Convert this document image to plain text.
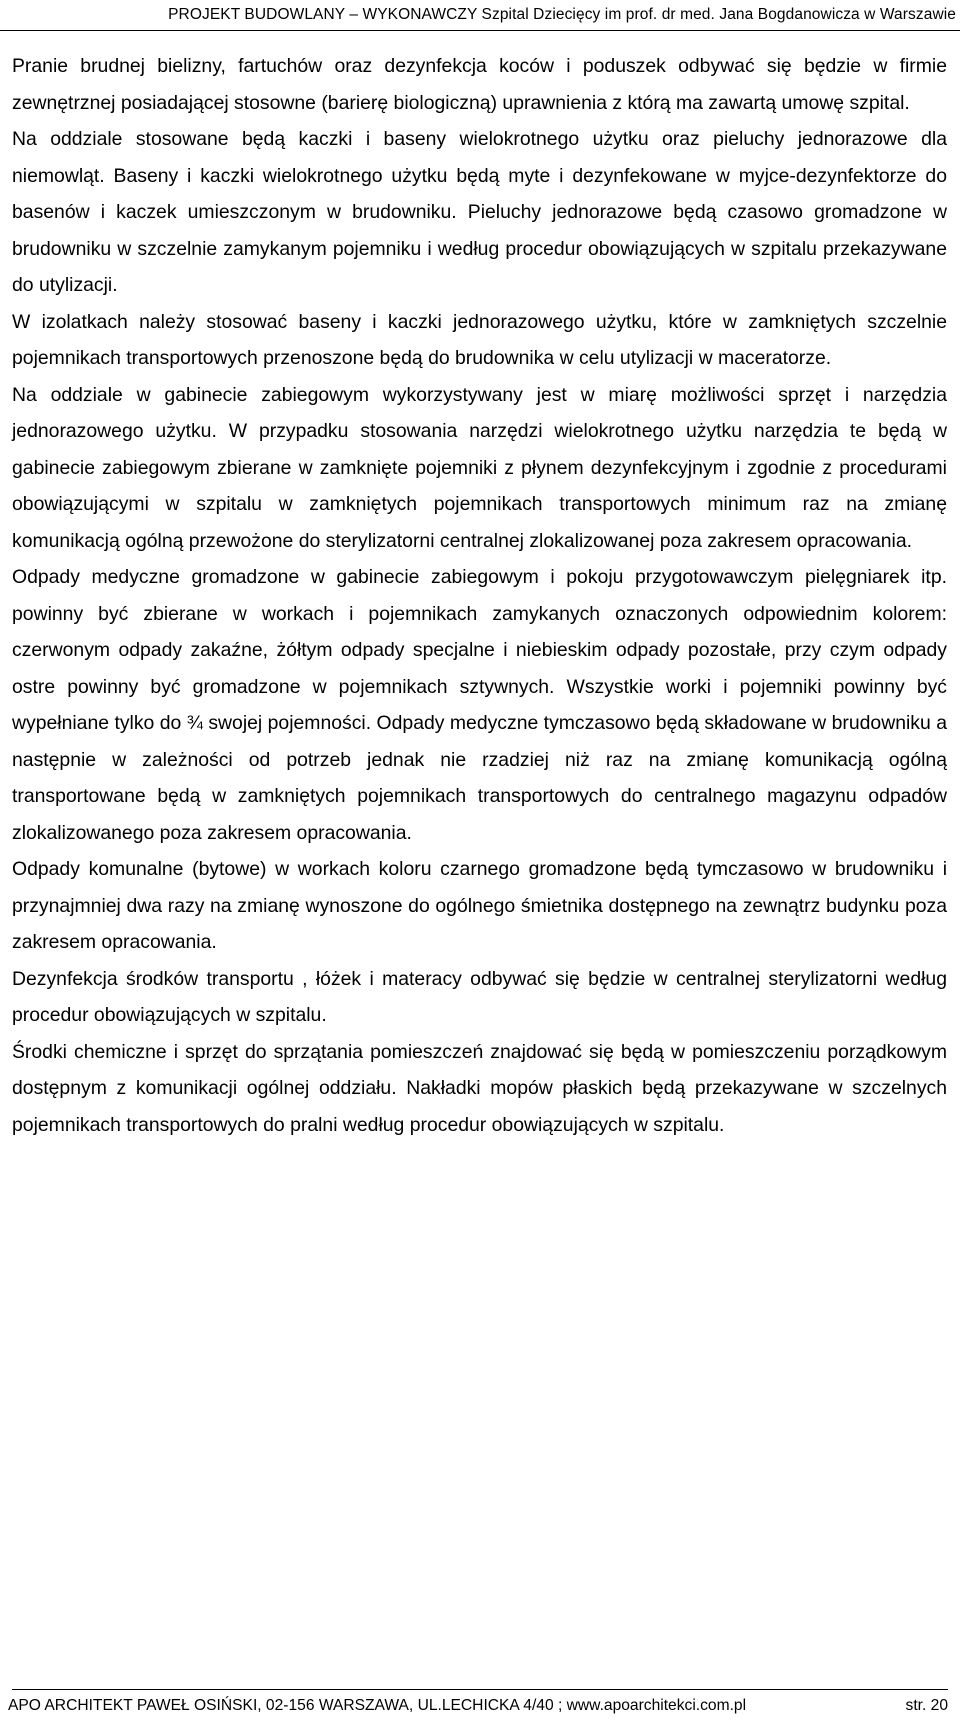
PROJEKT BUDOWLANY – WYKONAWCZY Szpital Dziecięcy im prof. dr med. Jana Bogdanowicza w Warszawie

Pranie brudnej bielizny, fartuchów oraz dezynfekcja koców i poduszek odbywać się będzie w firmie zewnętrznej posiadającej stosowne (barierę biologiczną) uprawnienia z którą ma zawartą umowę szpital.

Na oddziale stosowane będą kaczki i baseny wielokrotnego użytku oraz pieluchy jednorazowe dla niemowląt. Baseny i kaczki wielokrotnego użytku będą myte i dezynfekowane w myjce-dezynfektorze do basenów i kaczek umieszczonym w brudowniku. Pieluchy jednorazowe będą czasowo gromadzone w brudowniku w szczelnie zamykanym pojemniku i według procedur obowiązujących w szpitalu przekazywane do utylizacji.

W izolatkach należy stosować baseny i kaczki jednorazowego użytku, które w zamkniętych szczelnie pojemnikach transportowych przenoszone będą do brudownika w celu utylizacji w maceratorze.

Na oddziale w gabinecie zabiegowym wykorzystywany jest w miarę możliwości sprzęt i narzędzia jednorazowego użytku. W przypadku stosowania narzędzi wielokrotnego użytku narzędzia te będą w gabinecie zabiegowym zbierane w zamknięte pojemniki z płynem dezynfekcyjnym i zgodnie z procedurami obowiązującymi w szpitalu w zamkniętych pojemnikach transportowych minimum raz na zmianę komunikacją ogólną przewożone do sterylizatorni centralnej zlokalizowanej poza zakresem opracowania.

Odpady medyczne gromadzone w gabinecie zabiegowym i pokoju przygotowawczym pielęgniarek itp. powinny być zbierane w workach i pojemnikach zamykanych oznaczonych odpowiednim kolorem: czerwonym odpady zakaźne, żółtym odpady specjalne i niebieskim odpady pozostałe, przy czym odpady ostre powinny być gromadzone w pojemnikach sztywnych. Wszystkie worki i pojemniki powinny być wypełniane tylko do ¾ swojej pojemności. Odpady medyczne tymczasowo będą składowane w brudowniku a następnie w zależności od potrzeb jednak nie rzadziej niż raz na zmianę komunikacją ogólną transportowane będą w zamkniętych pojemnikach transportowych do centralnego magazynu odpadów zlokalizowanego poza zakresem opracowania.

Odpady komunalne (bytowe) w workach koloru czarnego gromadzone będą tymczasowo w brudowniku i przynajmniej dwa razy na zmianę wynoszone do ogólnego śmietnika dostępnego na zewnątrz budynku poza zakresem opracowania.

Dezynfekcja środków transportu , łóżek i materacy odbywać się będzie w centralnej sterylizatorni według procedur obowiązujących w szpitalu.

Środki chemiczne i sprzęt do sprzątania pomieszczeń znajdować się będą w pomieszczeniu porządkowym dostępnym z komunikacji ogólnej oddziału. Nakładki mopów płaskich będą przekazywane w szczelnych pojemnikach transportowych do pralni według procedur obowiązujących w szpitalu.

APO ARCHITEKT PAWEŁ OSIŃSKI, 02-156 WARSZAWA, UL.LECHICKA 4/40 ; www.apoarchitekci.com.pl	str. 20
